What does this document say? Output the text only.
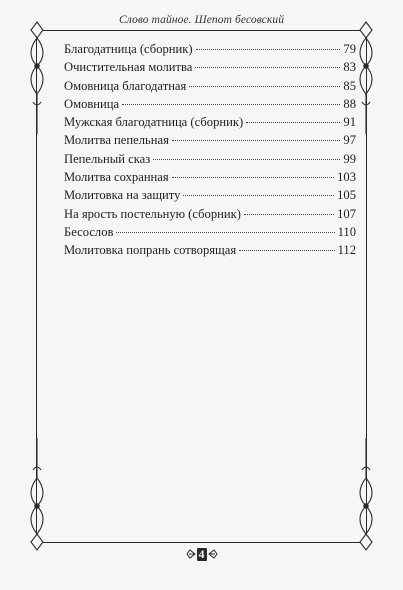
Слово тайное. Шепот бесовский
Благодатница (сборник)	79
Очистительная молитва	83
Омовница благодатная	85
Омовница	88
Мужская благодатница (сборник)	91
Молитва пепельная	97
Пепельный сказ	99
Молитва сохранная	103
Молитовка на защиту	105
На ярость постельную (сборник)	107
Бесослов	110
Молитовка попрань сотворящая	112
4
